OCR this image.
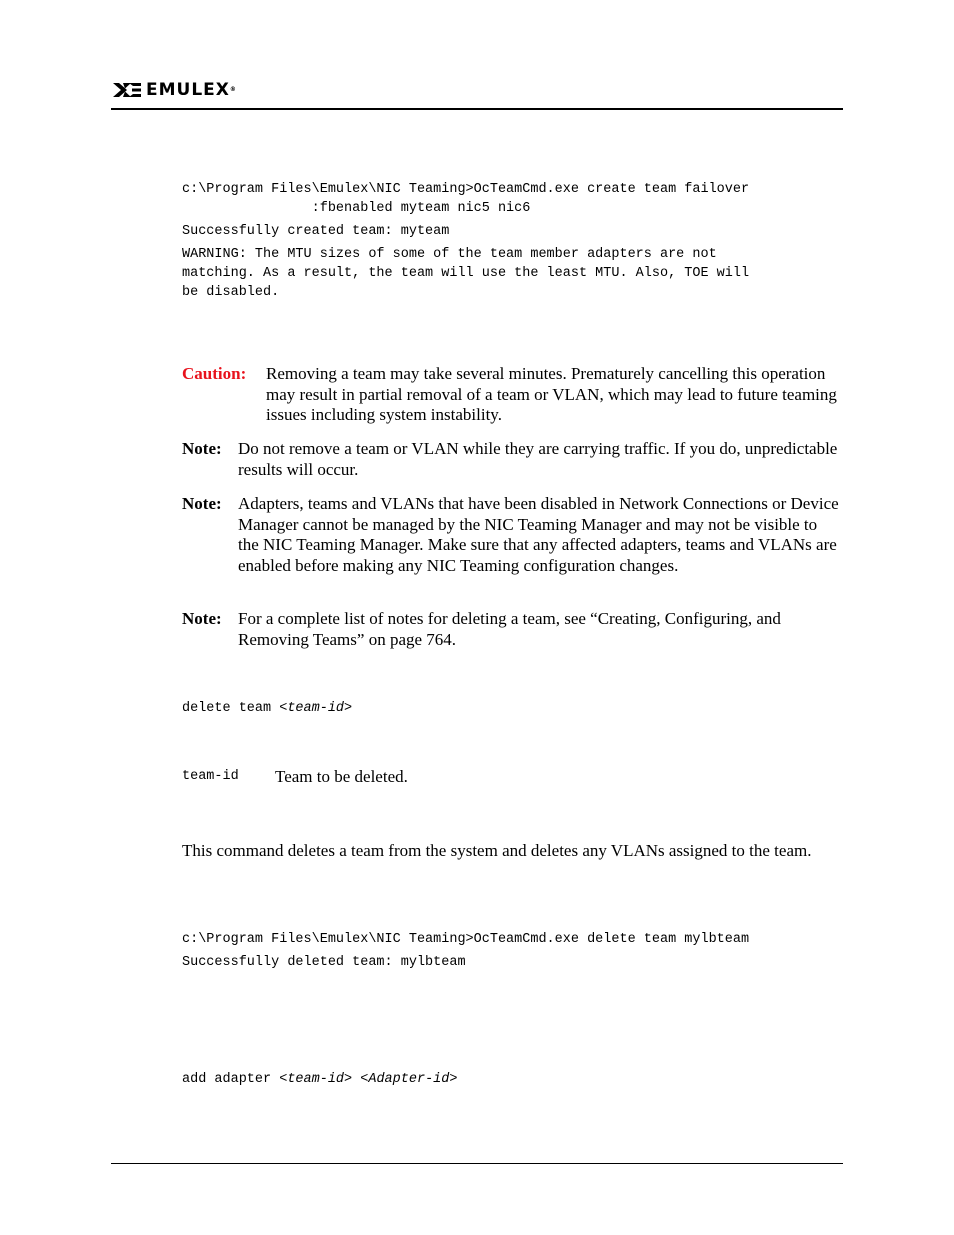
EMULEX®
c:\Program Files\Emulex\NIC Teaming>OcTeamCmd.exe create team failover
:fbenabled myteam nic5 nic6
Successfully created team: myteam
WARNING: The MTU sizes of some of the team member adapters are not
matching. As a result, the team will use the least MTU. Also, TOE will
be disabled.
Caution:	Removing a team may take several minutes. Prematurely cancelling this operation may result in partial removal of a team or VLAN, which may lead to future teaming issues including system instability.
Note: Do not remove a team or VLAN while they are carrying traffic. If you do, unpredictable results will occur.
Note: Adapters, teams and VLANs that have been disabled in Network Connections or Device Manager cannot be managed by the NIC Teaming Manager and may not be visible to the NIC Teaming Manager. Make sure that any affected adapters, teams and VLANs are enabled before making any NIC Teaming configuration changes.
Note: For a complete list of notes for deleting a team, see “Creating, Configuring, and Removing Teams” on page 764.
delete team <team-id>
team-id Team to be deleted.
This command deletes a team from the system and deletes any VLANs assigned to the team.
c:\Program Files\Emulex\NIC Teaming>OcTeamCmd.exe delete team mylbteam
Successfully deleted team: mylbteam
add adapter <team-id> <Adapter-id>
